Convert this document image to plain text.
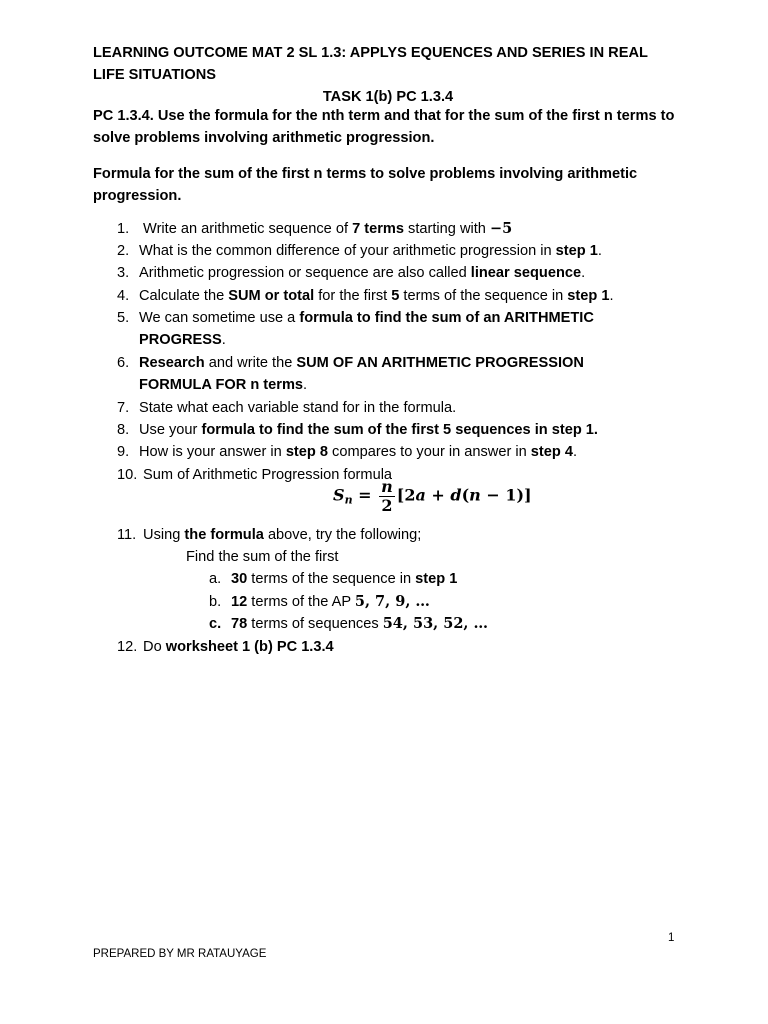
LEARNING OUTCOME MAT 2 SL 1.3: APPLYS EQUENCES AND SERIES IN REAL LIFE SITUATIONS
TASK 1(b) PC 1.3.4
PC 1.3.4. Use the formula for the nth term and that for the sum of the first n terms to solve problems involving arithmetic progression.
Formula for the sum of the first n terms to solve problems involving arithmetic progression.
1. Write an arithmetic sequence of 7 terms starting with −5
2. What is the common difference of your arithmetic progression in step 1.
3. Arithmetic progression or sequence are also called linear sequence.
4. Calculate the SUM or total for the first 5 terms of the sequence in step 1.
5. We can sometime use a formula to find the sum of an ARITHMETIC
PROGRESS.
6. Research and write the SUM OF AN ARITHMETIC PROGRESSION
FORMULA FOR n terms.
7. State what each variable stand for in the formula.
8. Use your formula to find the sum of the first 5 sequences in step 1.
9. How is your answer in step 8 compares to your in answer in step 4.
10. Sum of Arithmetic Progression formula
$S_n = \frac{n}{2} [2a + d(n - 1)]$
11. Using the formula above, try the following;
Find the sum of the first
a. 30 terms of the sequence in step 1
b. 12 terms of the AP 5, 7, 9, …
c. 78 terms of sequences 54, 53, 52, …
12. Do worksheet 1 (b) PC 1.3.4
1
PREPARED BY MR RATAUYAGE
